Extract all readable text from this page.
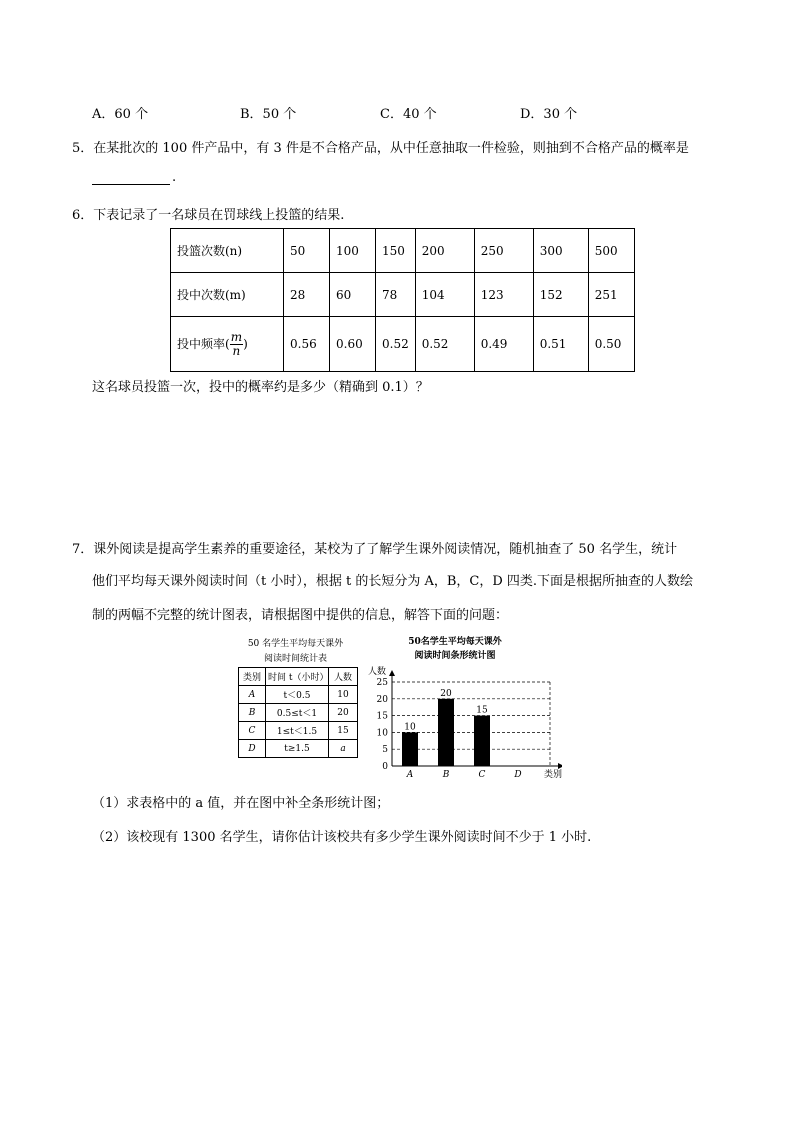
A．60 个	B．50 个	C．40 个	D．30 个
5．在某批次的 100 件产品中，有 3 件是不合格产品，从中任意抽取一件检验，则抽到不合格产品的概率是
.
6．下表记录了一名球员在罚球线上投篮的结果.
投篮次数(n)	50	100	150	200	250	300	500
投中次数(m)	28	60	78	104	123	152	251
投中频率( $\frac{m}{n}$ )	0.56	0.60	0.52	0.52	0.49	0.51	0.50
这名球员投篮一次，投中的概率约是多少（精确到 0.1）？
7．课外阅读是提高学生素养的重要途径，某校为了了解学生课外阅读情况，随机抽查了 50 名学生，统计
他们平均每天课外阅读时间（t 小时），根据 t 的长短分为 A，B，C，D 四类.下面是根据所抽查的人数绘
制的两幅不完整的统计图表，请根据图中提供的信息，解答下面的问题：
50 名学生平均每天课外
阅读时间统计表
类别	时间 t（小时）	人数
A	t＜0.5	10
B	0.5≤t＜1	20
C	1≤t＜1.5	15
D	t≥1.5	a
50名学生平均每天课外
阅读时间条形统计图
人数
0
5
10
15
20
25
10
A
20
B
15
C	D 类别
（1）求表格中的 a 值，并在图中补全条形统计图；
（2）该校现有 1300 名学生，请你估计该校共有多少学生课外阅读时间不少于 1 小时.
